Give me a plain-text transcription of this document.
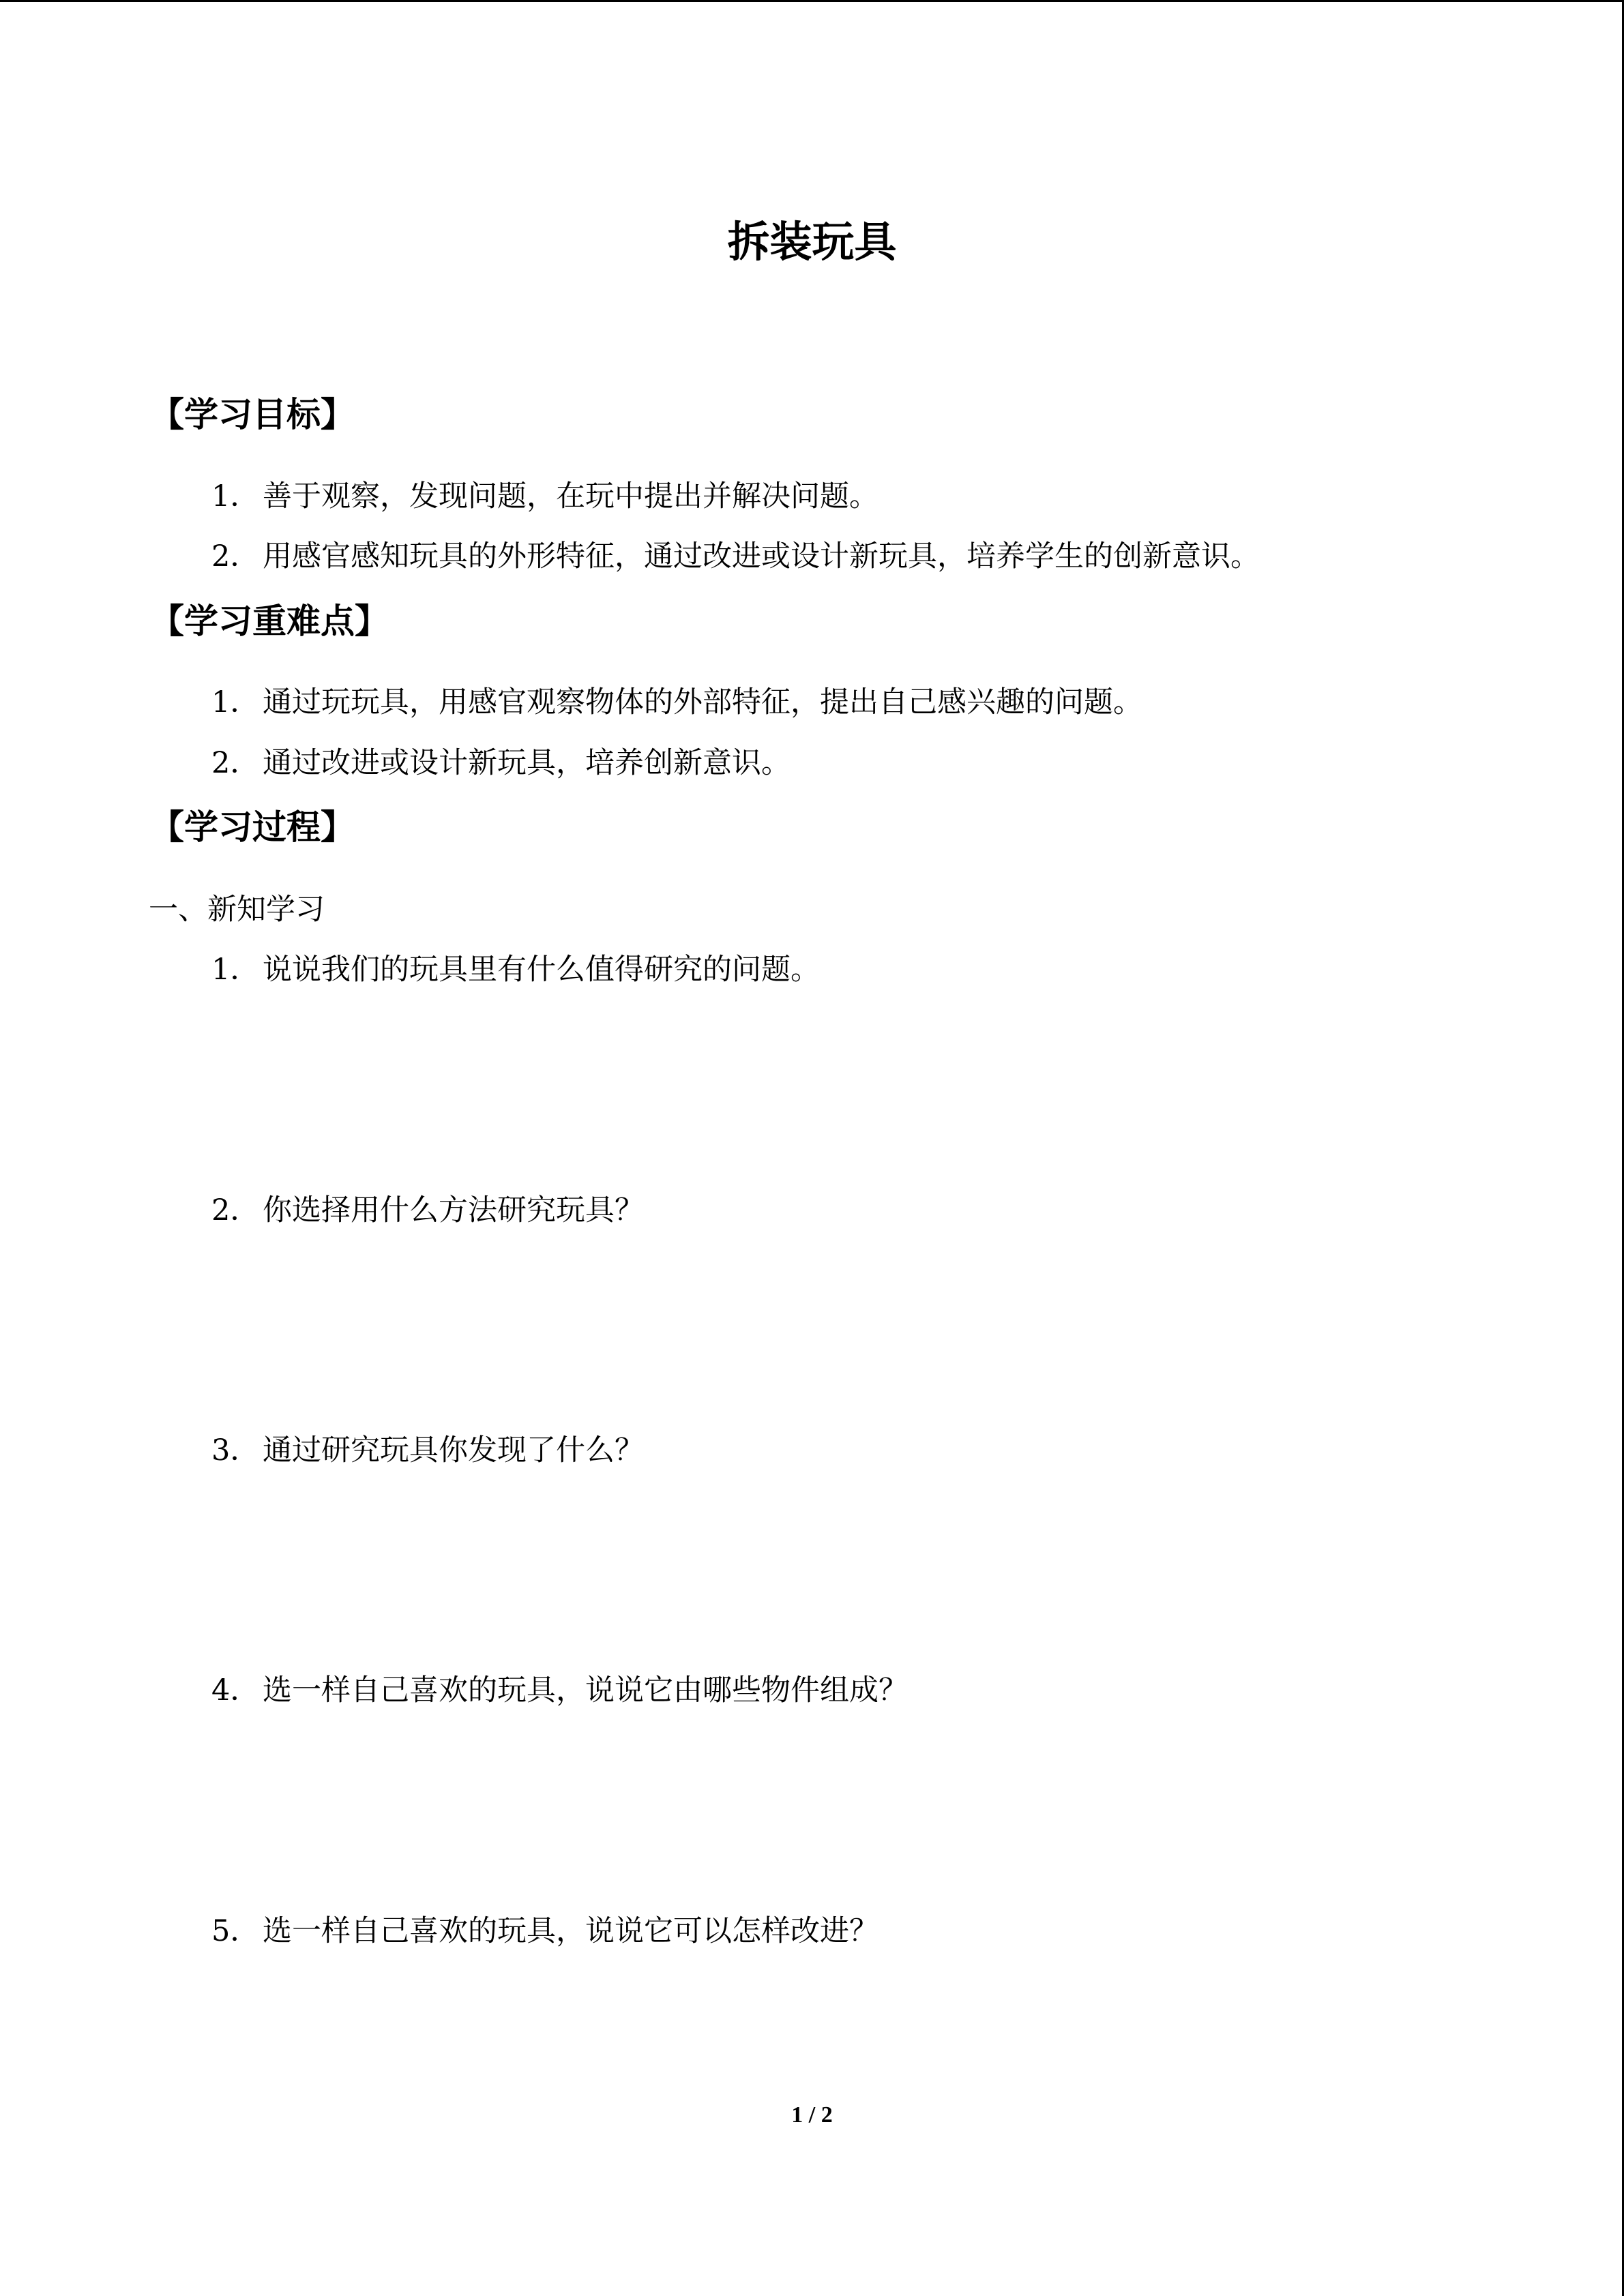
拆装玩具
【学习目标】
1． 善于观察，发现问题，在玩中提出并解决问题。
2． 用感官感知玩具的外形特征，通过改进或设计新玩具，培养学生的创新意识。
【学习重难点】
1． 通过玩玩具，用感官观察物体的外部特征，提出自己感兴趣的问题。
2． 通过改进或设计新玩具，培养创新意识。
【学习过程】
一、新知学习
1． 说说我们的玩具里有什么值得研究的问题。
2． 你选择用什么方法研究玩具？
3． 通过研究玩具你发现了什么？
4． 选一样自己喜欢的玩具，说说它由哪些物件组成？
5． 选一样自己喜欢的玩具，说说它可以怎样改进？
1 / 2
